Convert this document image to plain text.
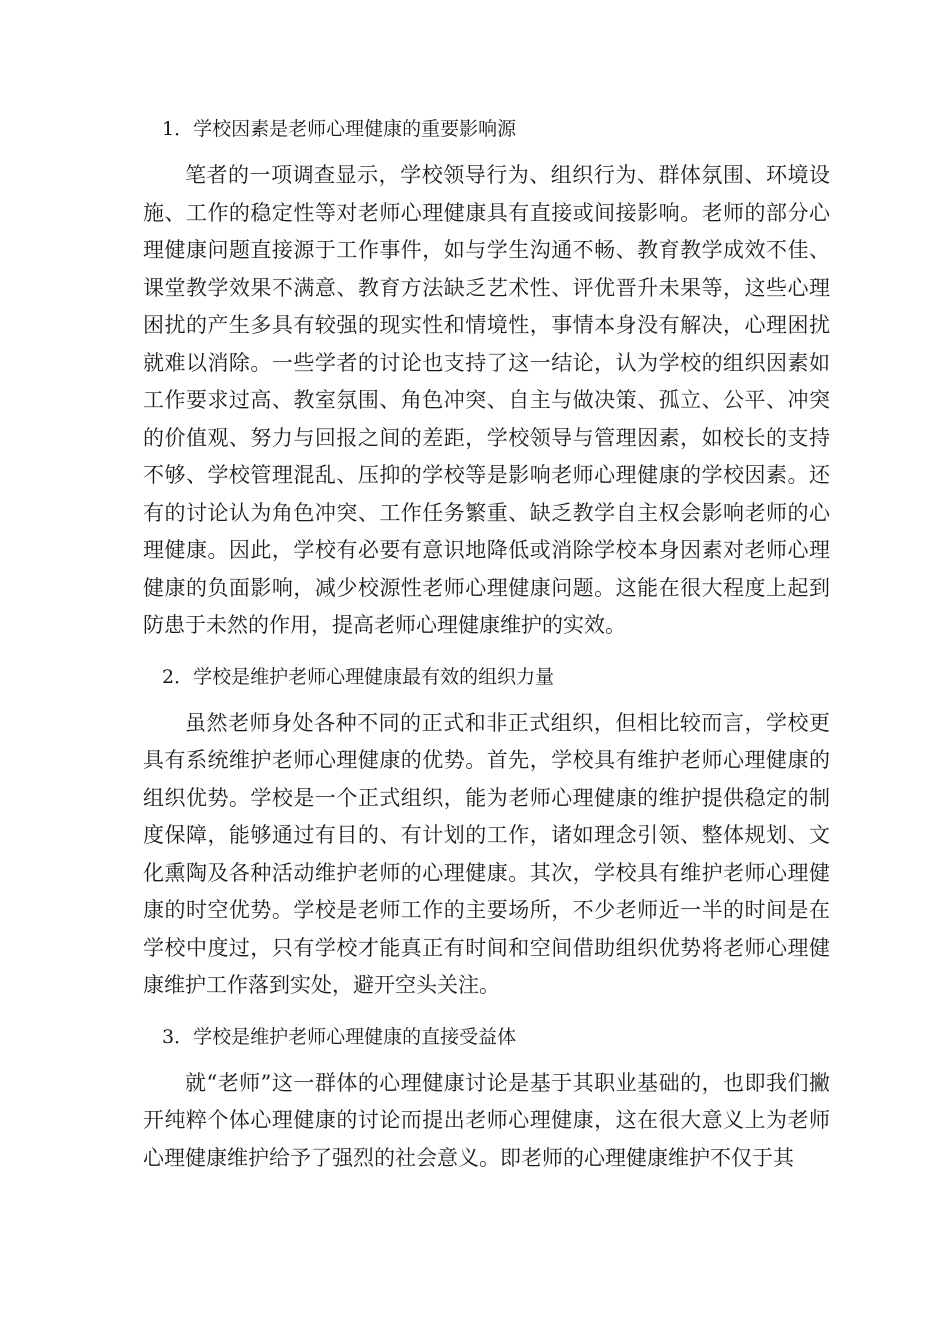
1．学校因素是老师心理健康的重要影响源

笔者的一项调查显示，学校领导行为、组织行为、群体氛围、环境设施、工作的稳定性等对老师心理健康具有直接或间接影响。老师的部分心理健康问题直接源于工作事件，如与学生沟通不畅、教育教学成效不佳、课堂教学效果不满意、教育方法缺乏艺术性、评优晋升未果等，这些心理困扰的产生多具有较强的现实性和情境性，事情本身没有解决，心理困扰就难以消除。一些学者的讨论也支持了这一结论，认为学校的组织因素如工作要求过高、教室氛围、角色冲突、自主与做决策、孤立、公平、冲突的价值观、努力与回报之间的差距，学校领导与管理因素，如校长的支持不够、学校管理混乱、压抑的学校等是影响老师心理健康的学校因素。还有的讨论认为角色冲突、工作任务繁重、缺乏教学自主权会影响老师的心理健康。因此，学校有必要有意识地降低或消除学校本身因素对老师心理健康的负面影响，减少校源性老师心理健康问题。这能在很大程度上起到防患于未然的作用，提高老师心理健康维护的实效。

2．学校是维护老师心理健康最有效的组织力量

虽然老师身处各种不同的正式和非正式组织，但相比较而言，学校更具有系统维护老师心理健康的优势。首先，学校具有维护老师心理健康的组织优势。学校是一个正式组织，能为老师心理健康的维护提供稳定的制度保障，能够通过有目的、有计划的工作，诸如理念引领、整体规划、文化熏陶及各种活动维护老师的心理健康。其次，学校具有维护老师心理健康的时空优势。学校是老师工作的主要场所，不少老师近一半的时间是在学校中度过，只有学校才能真正有时间和空间借助组织优势将老师心理健康维护工作落到实处，避开空头关注。

3．学校是维护老师心理健康的直接受益体

就“老师”这一群体的心理健康讨论是基于其职业基础的，也即我们撇开纯粹个体心理健康的讨论而提出老师心理健康，这在很大意义上为老师心理健康维护给予了强烈的社会意义。即老师的心理健康维护不仅于其
